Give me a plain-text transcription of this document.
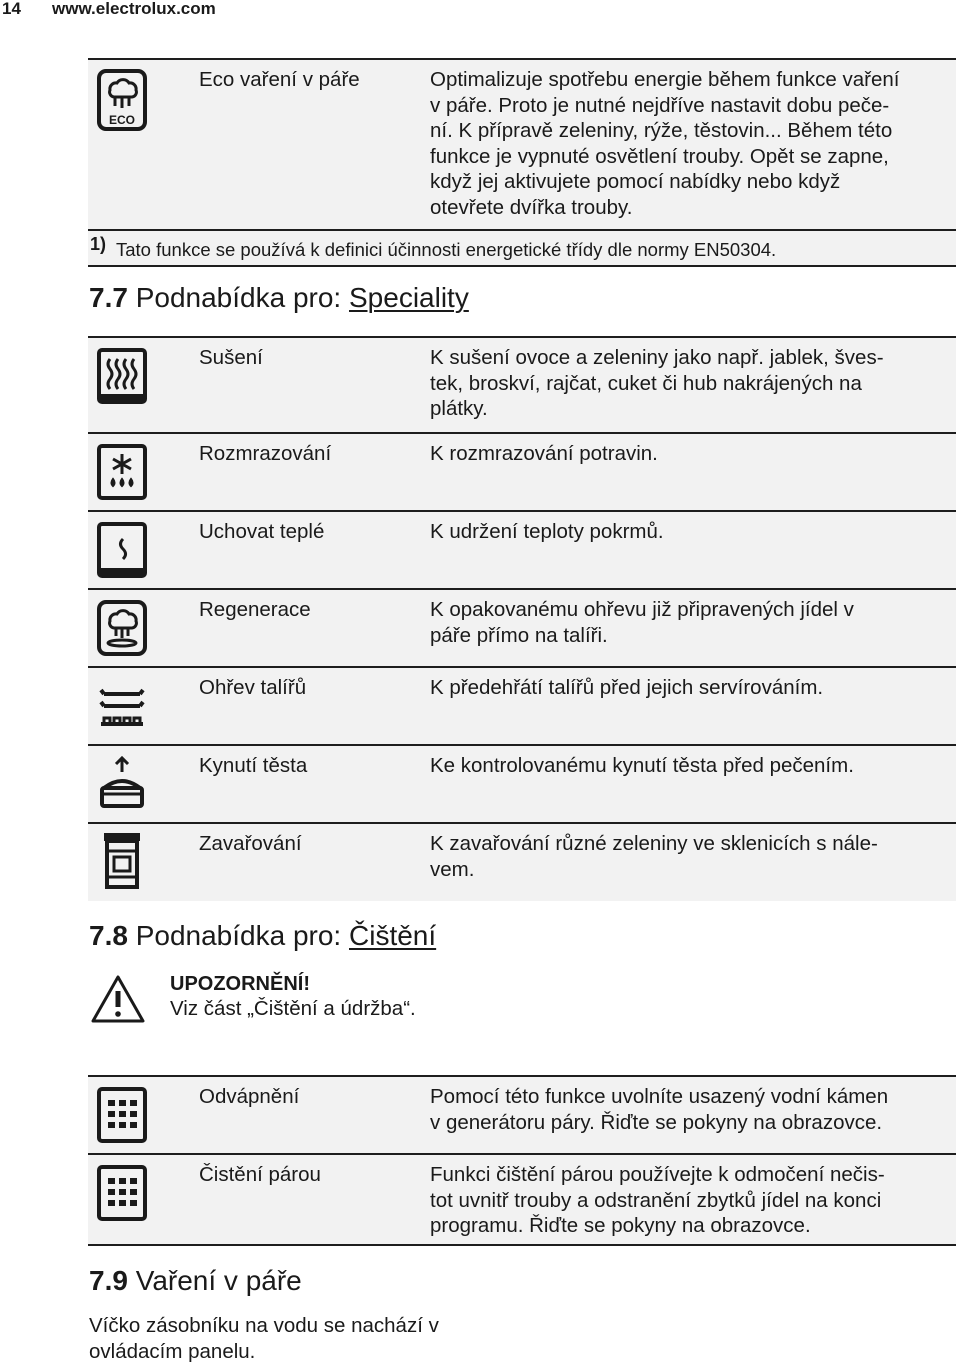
14 www.electrolux.com
ECO
Eco vaření v páře	Optimalizuje spotřebu energie během funkce vaření
v páře. Proto je nutné nejdříve nastavit dobu peče-
ní. K přípravě zeleniny, rýže, těstovin... Během této
funkce je vypnuté osvětlení trouby. Opět se zapne,
když jej aktivujete pomocí nabídky nebo když
otevřete dvířka trouby.
1) Tato funkce se používá k definici účinnosti energetické třídy dle normy EN50304.
7.7 Podnabídka pro: Speciality
Sušení	K sušení ovoce a zeleniny jako např. jablek, šves-
tek, broskví, rajčat, cuket či hub nakrájených na
plátky.
Rozmrazování	K rozmrazování potravin.
Uchovat teplé	K udržení teploty pokrmů.
Regenerace	K opakovanému ohřevu již připravených jídel v
páře přímo na talíři.
Ohřev talířů	K předehřátí talířů před jejich servírováním.
Kynutí těsta	Ke kontrolovanému kynutí těsta před pečením.
Zavařování	K zavařování různé zeleniny ve sklenicích s nále-
vem.
7.8 Podnabídka pro: Čištění
UPOZORNĚNÍ!
Viz část „Čištění a údržba“.
Odvápnění	Pomocí této funkce uvolníte usazený vodní kámen
v generátoru páry. Řiďte se pokyny na obrazovce.
Čistění párou	Funkci čištění párou používejte k odmočení nečis-
tot uvnitř trouby a odstranění zbytků jídel na konci
programu. Řiďte se pokyny na obrazovce.
7.9 Vaření v páře
Víčko zásobníku na vodu se nachází v
ovládacím panelu.
